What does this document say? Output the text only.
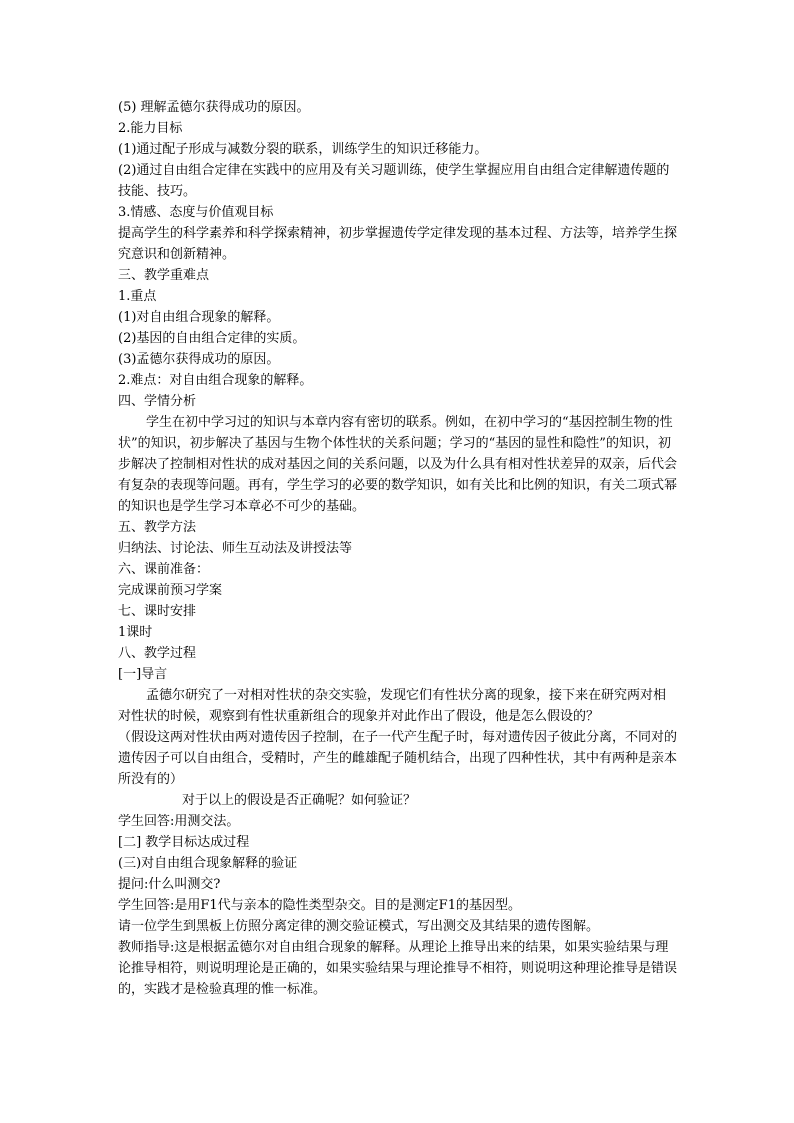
(5) 理解孟德尔获得成功的原因。
2.能力目标
(1)通过配子形成与减数分裂的联系，训练学生的知识迁移能力。
(2)通过自由组合定律在实践中的应用及有关习题训练，使学生掌握应用自由组合定律解遗传题的技能、技巧。
3.情感、态度与价值观目标
提高学生的科学素养和科学探索精神，初步掌握遗传学定律发现的基本过程、方法等，培养学生探究意识和创新精神。
三、教学重难点
1.重点
(1)对自由组合现象的解释。
(2)基因的自由组合定律的实质。
(3)孟德尔获得成功的原因。
2.难点：对自由组合现象的解释。
四、学情分析
学生在初中学习过的知识与本章内容有密切的联系。例如，在初中学习的“基因控制生物的性状”的知识，初步解决了基因与生物个体性状的关系问题；学习的“基因的显性和隐性”的知识，初步解决了控制相对性状的成对基因之间的关系问题，以及为什么具有相对性状差异的双亲，后代会有复杂的表现等问题。再有，学生学习的必要的数学知识，如有关比和比例的知识，有关二项式幂的知识也是学生学习本章必不可少的基础。
五、教学方法
归纳法、讨论法、师生互动法及讲授法等
六、课前准备：
完成课前预习学案
七、课时安排
1课时
八、教学过程
[一]导言
孟德尔研究了一对相对性状的杂交实验，发现它们有性状分离的现象，接下来在研究两对相对性状的时候，观察到有性状重新组合的现象并对此作出了假设，他是怎么假设的？
（假设这两对性状由两对遗传因子控制，在子一代产生配子时，每对遗传因子彼此分离，不同对的遗传因子可以自由组合，受精时，产生的雌雄配子随机结合，出现了四种性状，其中有两种是亲本所没有的）
对于以上的假设是否正确呢？如何验证？
学生回答:用测交法。
[二] 教学目标达成过程
(三)对自由组合现象解释的验证
提问:什么叫测交?
学生回答:是用F1代与亲本的隐性类型杂交。目的是测定F1的基因型。
请一位学生到黑板上仿照分离定律的测交验证模式，写出测交及其结果的遗传图解。
教师指导:这是根据孟德尔对自由组合现象的解释。从理论上推导出来的结果，如果实验结果与理论推导相符，则说明理论是正确的，如果实验结果与理论推导不相符，则说明这种理论推导是错误的，实践才是检验真理的惟一标准。
